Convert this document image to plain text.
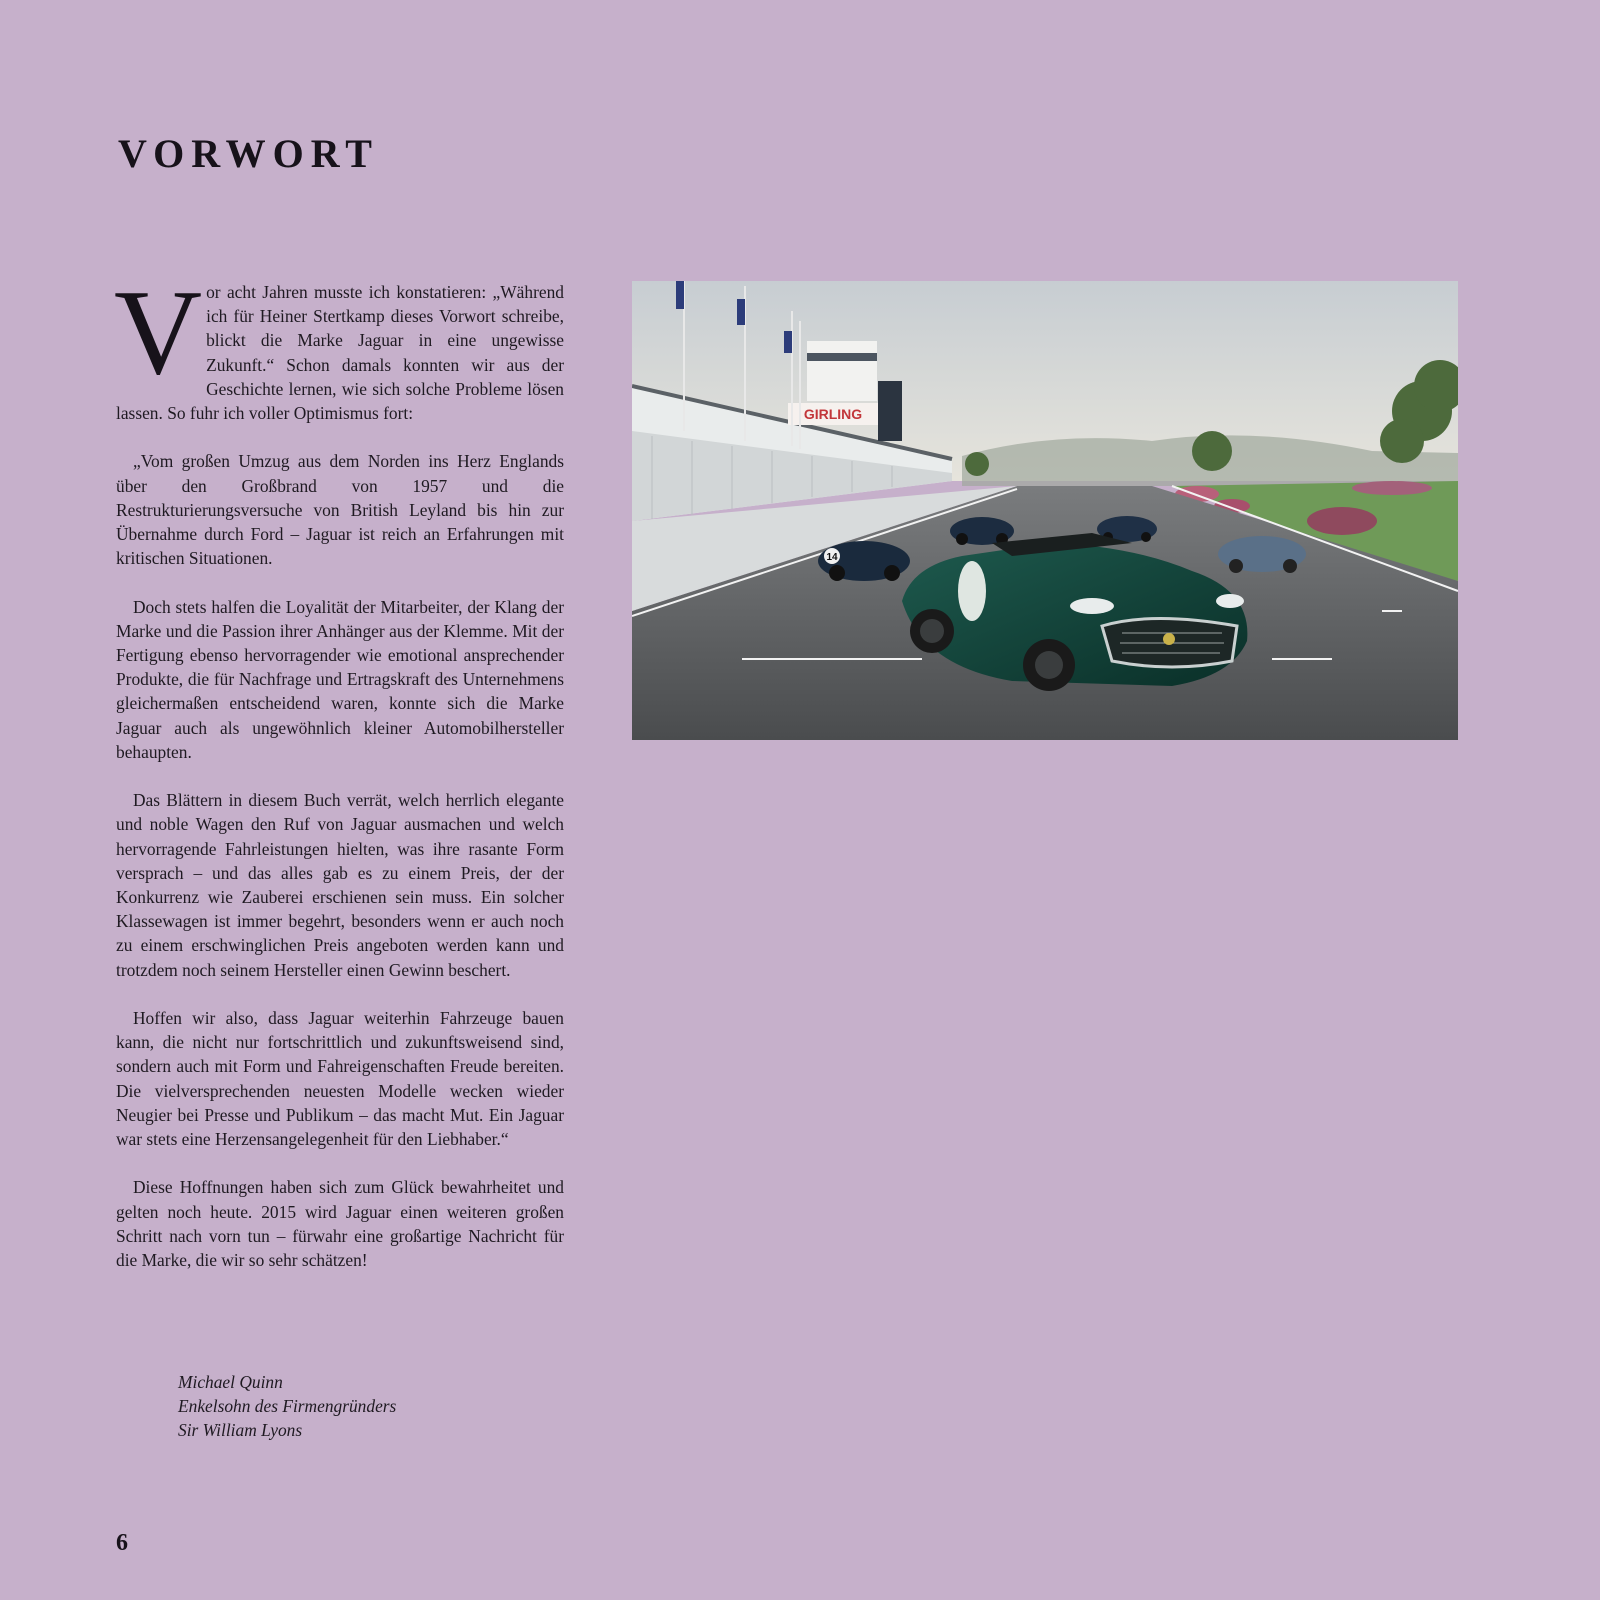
VORWORT

Vor acht Jahren musste ich konstatieren: „Während ich für Heiner Stertkamp dieses Vorwort schreibe, blickt die Marke Jaguar in eine ungewisse Zukunft.“ Schon damals konnten wir aus der Geschichte lernen, wie sich solche Probleme lösen lassen. So fuhr ich voller Optimismus fort:

„Vom großen Umzug aus dem Norden ins Herz Englands über den Großbrand von 1957 und die Restrukturierungsversuche von British Leyland bis hin zur Übernahme durch Ford – Jaguar ist reich an Erfahrungen mit kritischen Situationen.

Doch stets halfen die Loyalität der Mitarbeiter, der Klang der Marke und die Passion ihrer Anhänger aus der Klemme. Mit der Fertigung ebenso hervorragender wie emotional ansprechender Produkte, die für Nachfrage und Ertragskraft des Unternehmens gleichermaßen entscheidend waren, konnte sich die Marke Jaguar auch als ungewöhnlich kleiner Automobilhersteller behaupten.

Das Blättern in diesem Buch verrät, welch herrlich elegante und noble Wagen den Ruf von Jaguar ausmachen und welch hervorragende Fahrleistungen hielten, was ihre rasante Form versprach – und das alles gab es zu einem Preis, der der Konkurrenz wie Zauberei erschienen sein muss. Ein solcher Klassewagen ist immer begehrt, besonders wenn er auch noch zu einem erschwinglichen Preis angeboten werden kann und trotzdem noch seinem Hersteller einen Gewinn beschert.

Hoffen wir also, dass Jaguar weiterhin Fahrzeuge bauen kann, die nicht nur fortschrittlich und zukunftsweisend sind, sondern auch mit Form und Fahreigenschaften Freude bereiten. Die vielversprechenden neuesten Modelle wecken wieder Neugier bei Presse und Publikum – das macht Mut. Ein Jaguar war stets eine Herzensangelegenheit für den Liebhaber.“

Diese Hoffnungen haben sich zum Glück bewahrheitet und gelten noch heute. 2015 wird Jaguar einen weiteren großen Schritt nach vorn tun – fürwahr eine großartige Nachricht für die Marke, die wir so sehr schätzen!

Michael Quinn
Enkelsohn des Firmengründers
Sir William Lyons
6
GIRLING
14
